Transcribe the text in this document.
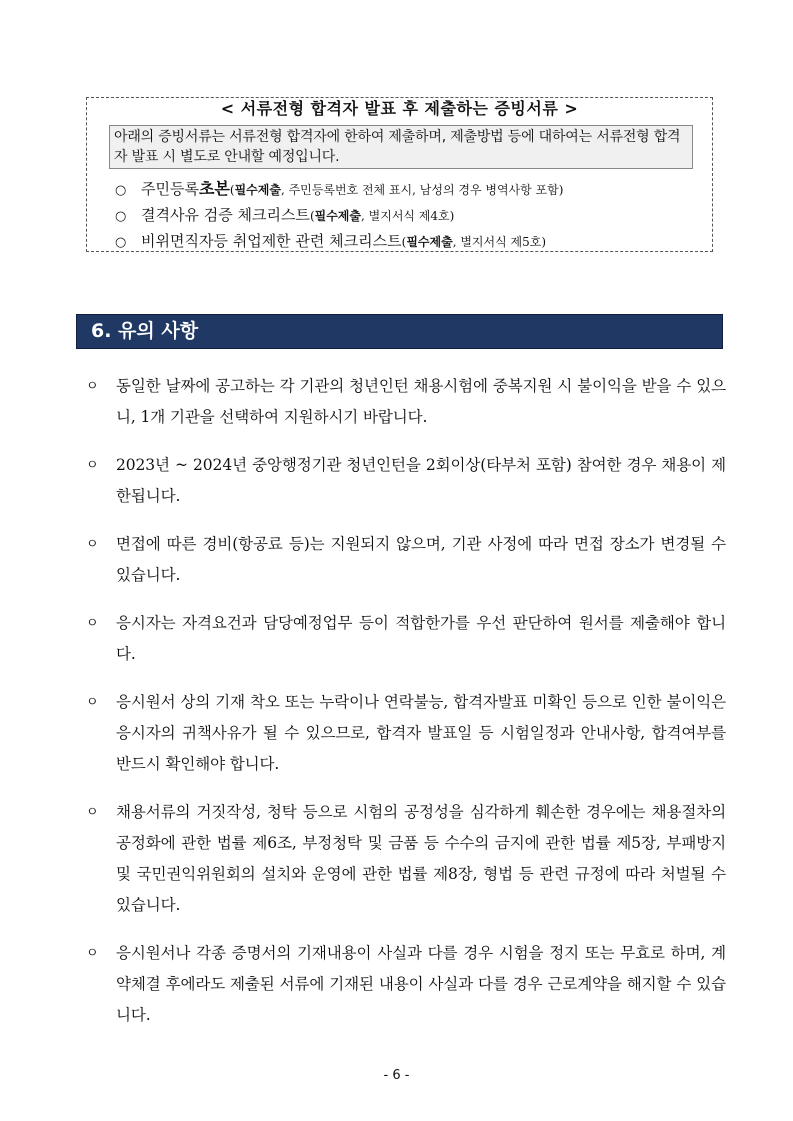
< 서류전형 합격자 발표 후 제출하는 증빙서류 >
아래의 증빙서류는 서류전형 합격자에 한하여 제출하며, 제출방법 등에 대하여는 서류전형 합격자 발표 시 별도로 안내할 예정입니다.
○ 주민등록초본(필수제출, 주민등록번호 전체 표시, 남성의 경우 병역사항 포함)
○ 결격사유 검증 체크리스트(필수제출, 별지서식 제4호)
○ 비위면직자등 취업제한 관련 체크리스트(필수제출, 별지서식 제5호)
6. 유의 사항
ㅇ 동일한 날짜에 공고하는 각 기관의 청년인턴 채용시험에 중복지원 시 불이익을 받을 수 있으니, 1개 기관을 선택하여 지원하시기 바랍니다.
ㅇ 2023년 ~ 2024년 중앙행정기관 청년인턴을 2회이상(타부처 포함) 참여한 경우 채용이 제한됩니다.
ㅇ 면접에 따른 경비(항공료 등)는 지원되지 않으며, 기관 사정에 따라 면접 장소가 변경될 수 있습니다.
ㅇ 응시자는 자격요건과 담당예정업무 등이 적합한가를 우선 판단하여 원서를 제출해야 합니다.
ㅇ 응시원서 상의 기재 착오 또는 누락이나 연락불능, 합격자발표 미확인 등으로 인한 불이익은 응시자의 귀책사유가 될 수 있으므로, 합격자 발표일 등 시험일정과 안내사항, 합격여부를 반드시 확인해야 합니다.
ㅇ 채용서류의 거짓작성, 청탁 등으로 시험의 공정성을 심각하게 훼손한 경우에는 채용절차의 공정화에 관한 법률 제6조, 부정청탁 및 금품 등 수수의 금지에 관한 법률 제5장, 부패방지 및 국민권익위원회의 설치와 운영에 관한 법률 제8장, 형법 등 관련 규정에 따라 처벌될 수 있습니다.
ㅇ 응시원서나 각종 증명서의 기재내용이 사실과 다를 경우 시험을 정지 또는 무효로 하며, 계약체결 후에라도 제출된 서류에 기재된 내용이 사실과 다를 경우 근로계약을 해지할 수 있습니다.
- 6 -
